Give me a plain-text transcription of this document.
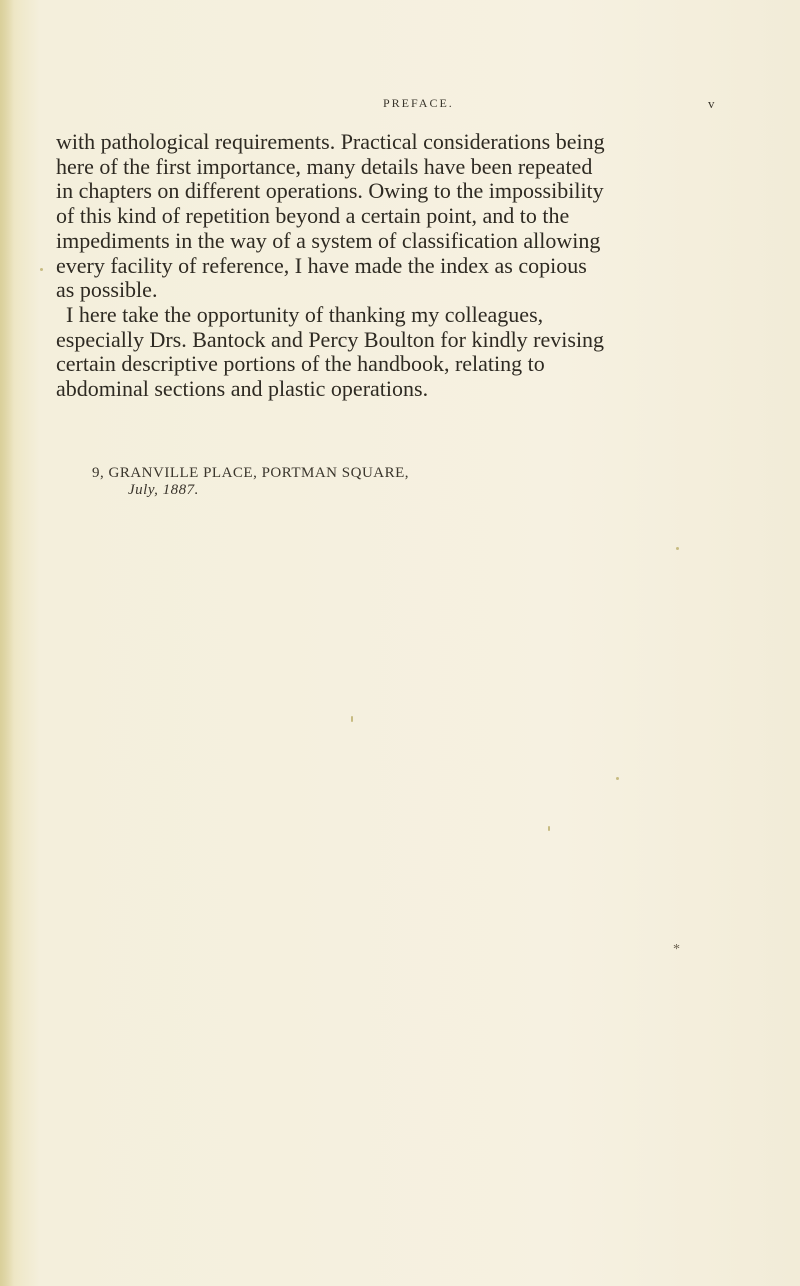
PREFACE.	v

with pathological requirements. Practical considerations being
here of the first importance, many details have been repeated
in chapters on different operations. Owing to the impossibility
of this kind of repetition beyond a certain point, and to the
impediments in the way of a system of classification allowing
every facility of reference, I have made the index as copious
as possible.

I here take the opportunity of thanking my colleagues,
especially Drs. Bantock and Percy Boulton for kindly revising
certain descriptive portions of the handbook, relating to
abdominal sections and plastic operations.

9, GRANVILLE PLACE, PORTMAN SQUARE,
July, 1887.
*
